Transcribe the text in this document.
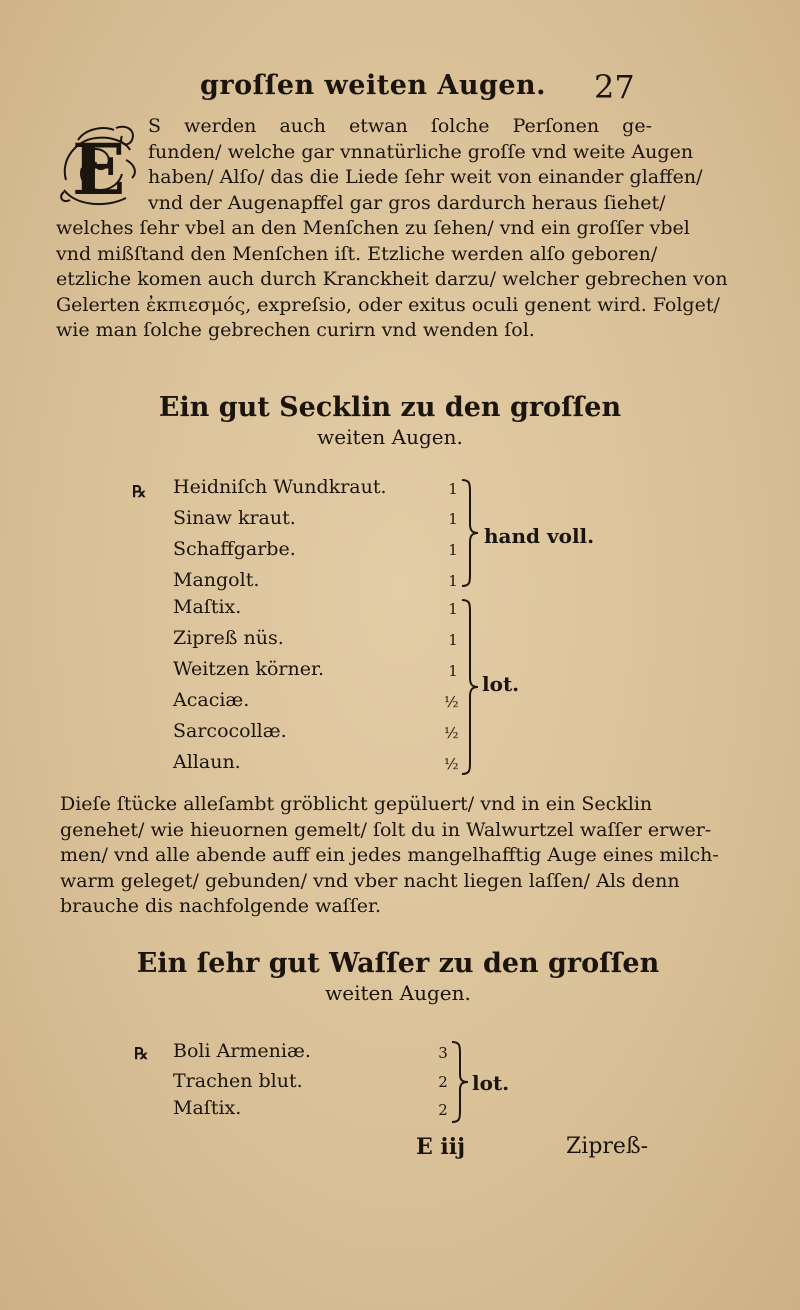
groſſen weiten Augen. 27
E
S werden auch etwan ſolche Perſonen ge-
funden/ welche gar vnnatürliche groſſe vnd weite Augen
haben/ Alſo/ das die Liede ſehr weit von einander glaffen/
vnd der Augenapffel gar gros dardurch heraus ſiehet/
welches ſehr vbel an den Menſchen zu ſehen/ vnd ein groſſer vbel
vnd mißſtand den Menſchen iſt. Etzliche werden alſo geboren/
etzliche komen auch durch Kranckheit darzu/ welcher gebrechen von
Gelerten ἐκπιεσμός, expreſsio, oder exitus oculi genent wird. Folget/
wie man ſolche gebrechen curirn vnd wenden ſol.
Ein gut Secklin zu den groſſen
weiten Augen.
℞ Heidniſch Wundkraut.
Sinaw kraut.
Schaffgarbe.
Mangolt.
Maſtix.
Zipreß nüs.
Weitzen körner.
Acaciæ.
Sarcocollæ.
Allaun.
1
1
1
1
1
1
1
½
½
½
hand voll.
lot.
Dieſe ſtücke alleſambt gröblicht gepüluert/ vnd in ein Secklin
genehet/ wie hieuornen gemelt/ ſolt du in Walwurtzel waſſer erwer-
men/ vnd alle abende auff ein jedes mangelhafftig Auge eines milch-
warm geleget/ gebunden/ vnd vber nacht liegen laſſen/ Als denn
brauche dis nachfolgende waſſer.
Ein ſehr gut Waſſer zu den groſſen
weiten Augen.
℞ Boli Armeniæ.
Trachen blut.
Maſtix.
3
2
2
lot.
E iij	Zipreß-
